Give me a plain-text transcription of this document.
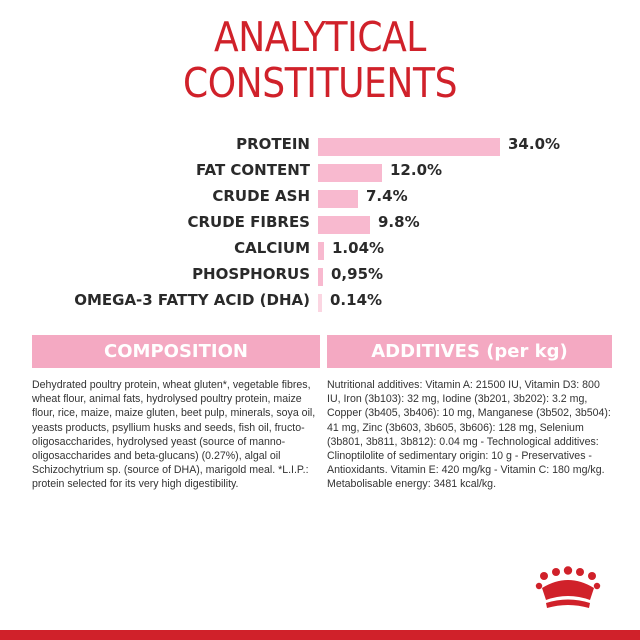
ANALYTICAL
CONSTITUENTS
PROTEIN	34.0%
FAT CONTENT	12.0%
CRUDE ASH	7.4%
CRUDE FIBRES	9.8%
CALCIUM 1.04%
PHOSPHORUS 0,95%
OMEGA-3 FATTY ACID (DHA) 0.14%
COMPOSITION	ADDITIVES (per kg)
Dehydrated poultry protein, wheat gluten*, vegetable fibres, wheat flour, animal fats, hydrolysed poultry protein, maize flour, rice, maize, maize gluten, beet pulp, minerals, soya oil, yeasts products, psyllium husks and seeds, fish oil, fructo-oligosaccharides, hydrolysed yeast (source of manno-oligosaccharides and beta-glucans) (0.27%), algal oil Schizochytrium sp. (source of DHA), marigold meal. *L.I.P.: protein selected for its very high digestibility.
Nutritional additives: Vitamin A: 21500 IU, Vitamin D3: 800 IU, Iron (3b103): 32 mg, Iodine (3b201, 3b202): 3.2 mg, Copper (3b405, 3b406): 10 mg, Manganese (3b502, 3b504): 41 mg, Zinc (3b603, 3b605, 3b606): 128 mg, Selenium (3b801, 3b811, 3b812): 0.04 mg - Technological additives: Clinoptilolite of sedimentary origin: 10 g - Preservatives - Antioxidants. Vitamin E: 420 mg/kg - Vitamin C: 180 mg/kg. Metabolisable energy: 3481 kcal/kg.
